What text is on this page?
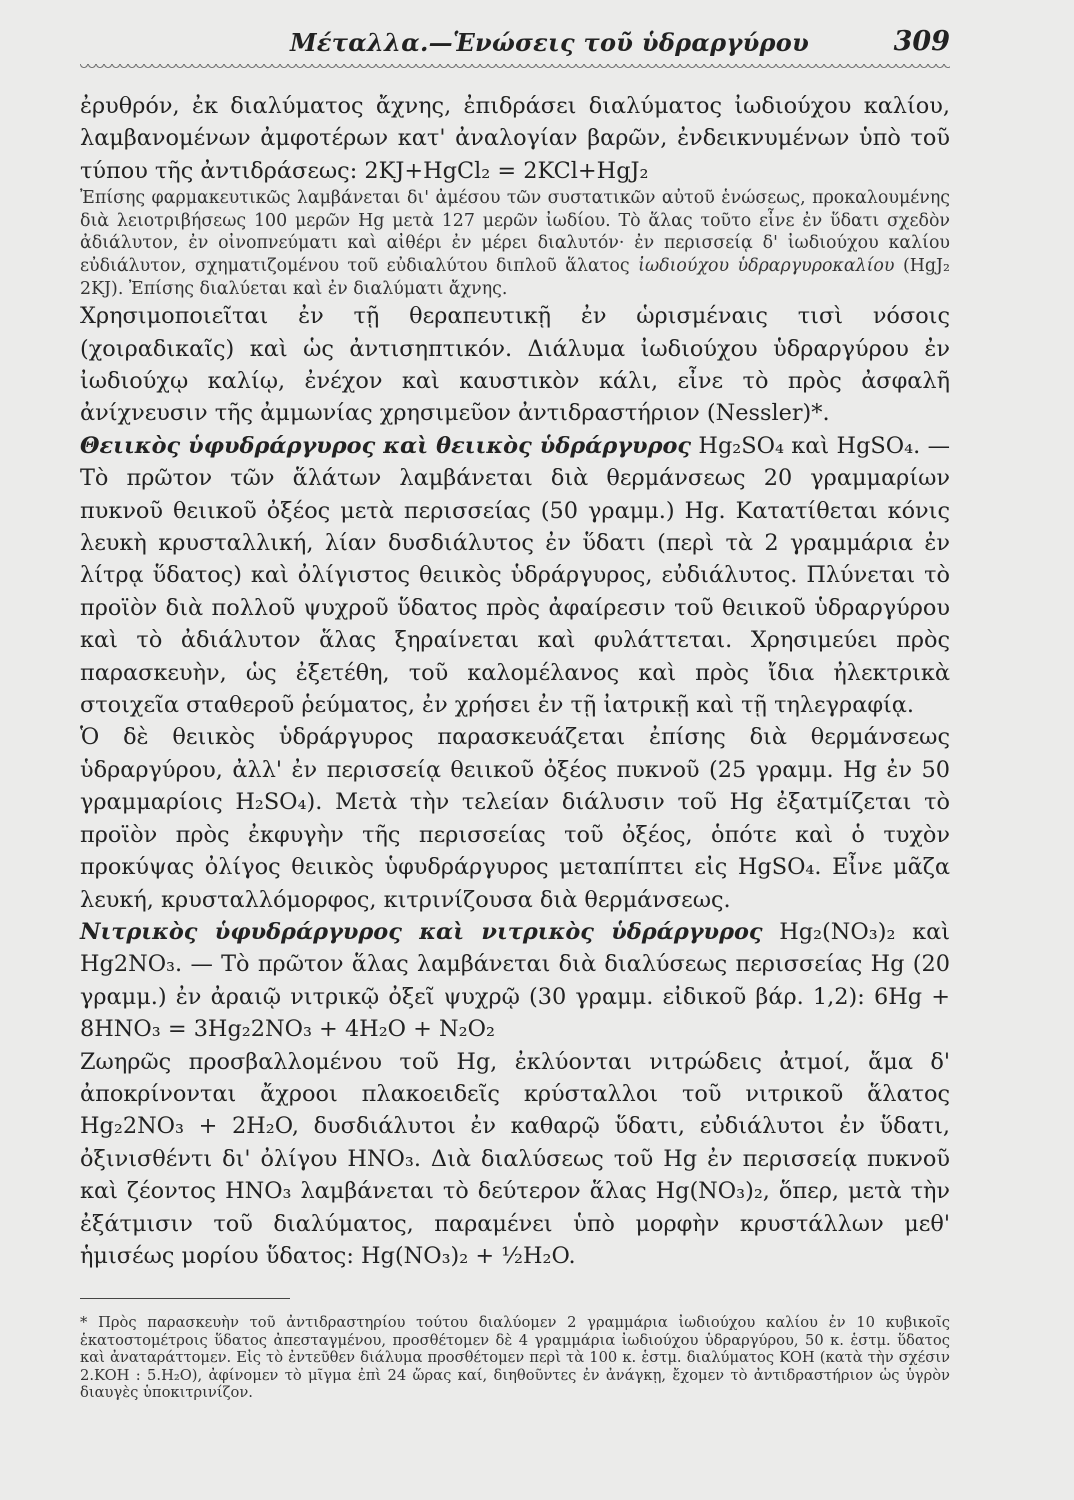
Μέταλλα.—Ἑνώσεις τοῦ ὑδραργύρου	309

ἐρυθρόν, ἐκ διαλύματος ἄχνης, ἐπιδράσει διαλύματος ἰωδιούχου καλίου, λαμβανομένων ἀμφοτέρων κατ' ἀναλογίαν βαρῶν, ἐνδεικνυμένων ὑπὸ τοῦ τύπου τῆς ἀντιδράσεως: 2KJ+HgCl₂ = 2KCl+HgJ₂

Ἐπίσης φαρμακευτικῶς λαμβάνεται δι' ἀμέσου τῶν συστατικῶν αὐτοῦ ἑνώσεως, προκαλουμένης διὰ λειοτριβήσεως 100 μερῶν Hg μετὰ 127 μερῶν ἰωδίου. Τὸ ἅλας τοῦτο εἶνε ἐν ὕδατι σχεδὸν ἀδιάλυτον, ἐν οἰνοπνεύματι καὶ αἰθέρι ἐν μέρει διαλυτόν· ἐν περισσείᾳ δ' ἰωδιούχου καλίου εὐδιάλυτον, σχηματιζομένου τοῦ εὐδιαλύτου διπλοῦ ἅλατος ἰωδιούχου ὑδραργυροκαλίου (HgJ₂ 2KJ). Ἐπίσης διαλύεται καὶ ἐν διαλύματι ἄχνης.

Χρησιμοποιεῖται ἐν τῇ θεραπευτικῇ ἐν ὡρισμέναις τισὶ νόσοις (χοιραδικαῖς) καὶ ὡς ἀντισηπτικόν. Διάλυμα ἰωδιούχου ὑδραργύρου ἐν ἰωδιούχῳ καλίῳ, ἐνέχον καὶ καυστικὸν κάλι, εἶνε τὸ πρὸς ἀσφαλῆ ἀνίχνευσιν τῆς ἀμμωνίας χρησιμεῦον ἀντιδραστήριον (Nessler)*.

Θειικὸς ὑφυδράργυρος καὶ θειικὸς ὑδράργυρος Hg₂SO₄ καὶ HgSO₄. — Τὸ πρῶτον τῶν ἅλάτων λαμβάνεται διὰ θερμάνσεως 20 γραμμαρίων πυκνοῦ θειικοῦ ὀξέος μετὰ περισσείας (50 γραμμ.) Hg. Κατατίθεται κόνις λευκὴ κρυσταλλική, λίαν δυσδιάλυτος ἐν ὕδατι (περὶ τὰ 2 γραμμάρια ἐν λίτρᾳ ὕδατος) καὶ ὀλίγιστος θειικὸς ὑδράργυρος, εὐδιάλυτος. Πλύνεται τὸ προϊὸν διὰ πολλοῦ ψυχροῦ ὕδατος πρὸς ἀφαίρεσιν τοῦ θειικοῦ ὑδραργύρου καὶ τὸ ἀδιάλυτον ἅλας ξηραίνεται καὶ φυλάττεται. Χρησιμεύει πρὸς παρασκευὴν, ὡς ἐξετέθη, τοῦ καλομέλανος καὶ πρὸς ἴδια ἠλεκτρικὰ στοιχεῖα σταθεροῦ ῥεύματος, ἐν χρήσει ἐν τῇ ἰατρικῇ καὶ τῇ τηλεγραφίᾳ.

Ὁ δὲ θειικὸς ὑδράργυρος παρασκευάζεται ἐπίσης διὰ θερμάνσεως ὑδραργύρου, ἀλλ' ἐν περισσείᾳ θειικοῦ ὀξέος πυκνοῦ (25 γραμμ. Hg ἐν 50 γραμμαρίοις H₂SO₄). Μετὰ τὴν τελείαν διάλυσιν τοῦ Hg ἐξατμίζεται τὸ προϊὸν πρὸς ἐκφυγὴν τῆς περισσείας τοῦ ὀξέος, ὁπότε καὶ ὁ τυχὸν προκύψας ὀλίγος θειικὸς ὑφυδράργυρος μεταπίπτει εἰς HgSO₄. Εἶνε μᾶζα λευκή, κρυσταλλόμορφος, κιτρινίζουσα διὰ θερμάνσεως.

Νιτρικὸς ὑφυδράργυρος καὶ νιτρικὸς ὑδράργυρος Hg₂(NO₃)₂ καὶ Hg2NO₃. — Τὸ πρῶτον ἅλας λαμβάνεται διὰ διαλύσεως περισσείας Hg (20 γραμμ.) ἐν ἀραιῷ νιτρικῷ ὀξεῖ ψυχρῷ (30 γραμμ. εἰδικοῦ βάρ. 1,2): 6Hg + 8HNO₃ = 3Hg₂2NO₃ + 4H₂O + N₂O₂

Ζωηρῶς προσβαλλομένου τοῦ Hg, ἐκλύονται νιτρώδεις ἀτμοί, ἅμα δ' ἀποκρίνονται ἄχροοι πλακοειδεῖς κρύσταλλοι τοῦ νιτρικοῦ ἅλατος Hg₂2NO₃ + 2H₂O, δυσδιάλυτοι ἐν καθαρῷ ὕδατι, εὐδιάλυτοι ἐν ὕδατι, ὀξινισθέντι δι' ὀλίγου HNO₃. Διὰ διαλύσεως τοῦ Hg ἐν περισσείᾳ πυκνοῦ καὶ ζέοντος HNO₃ λαμβάνεται τὸ δεύτερον ἅλας Hg(NO₃)₂, ὅπερ, μετὰ τὴν ἐξάτμισιν τοῦ διαλύματος, παραμένει ὑπὸ μορφὴν κρυστάλλων μεθ' ἡμισέως μορίου ὕδατος: Hg(NO₃)₂ + ½H₂O.

* Πρὸς παρασκευὴν τοῦ ἀντιδραστηρίου τούτου διαλύομεν 2 γραμμάρια ἰωδιούχου καλίου ἐν 10 κυβικοῖς ἑκατοστομέτροις ὕδατος ἀπεσταγμένου, προσθέτομεν δὲ 4 γραμμάρια ἰωδιούχου ὑδραργύρου, 50 κ. ἑστμ. ὕδατος καὶ ἀναταράττομεν. Εἰς τὸ ἐντεῦθεν διάλυμα προσθέτομεν περὶ τὰ 100 κ. ἑστμ. διαλύματος KOH (κατὰ τὴν σχέσιν 2.KOH : 5.H₂O), ἀφίνομεν τὸ μῖγμα ἐπὶ 24 ὥρας καί, διηθοῦντες ἐν ἀνάγκῃ, ἔχομεν τὸ ἀντιδραστήριον ὡς ὑγρὸν διαυγὲς ὑποκιτρινίζον.
